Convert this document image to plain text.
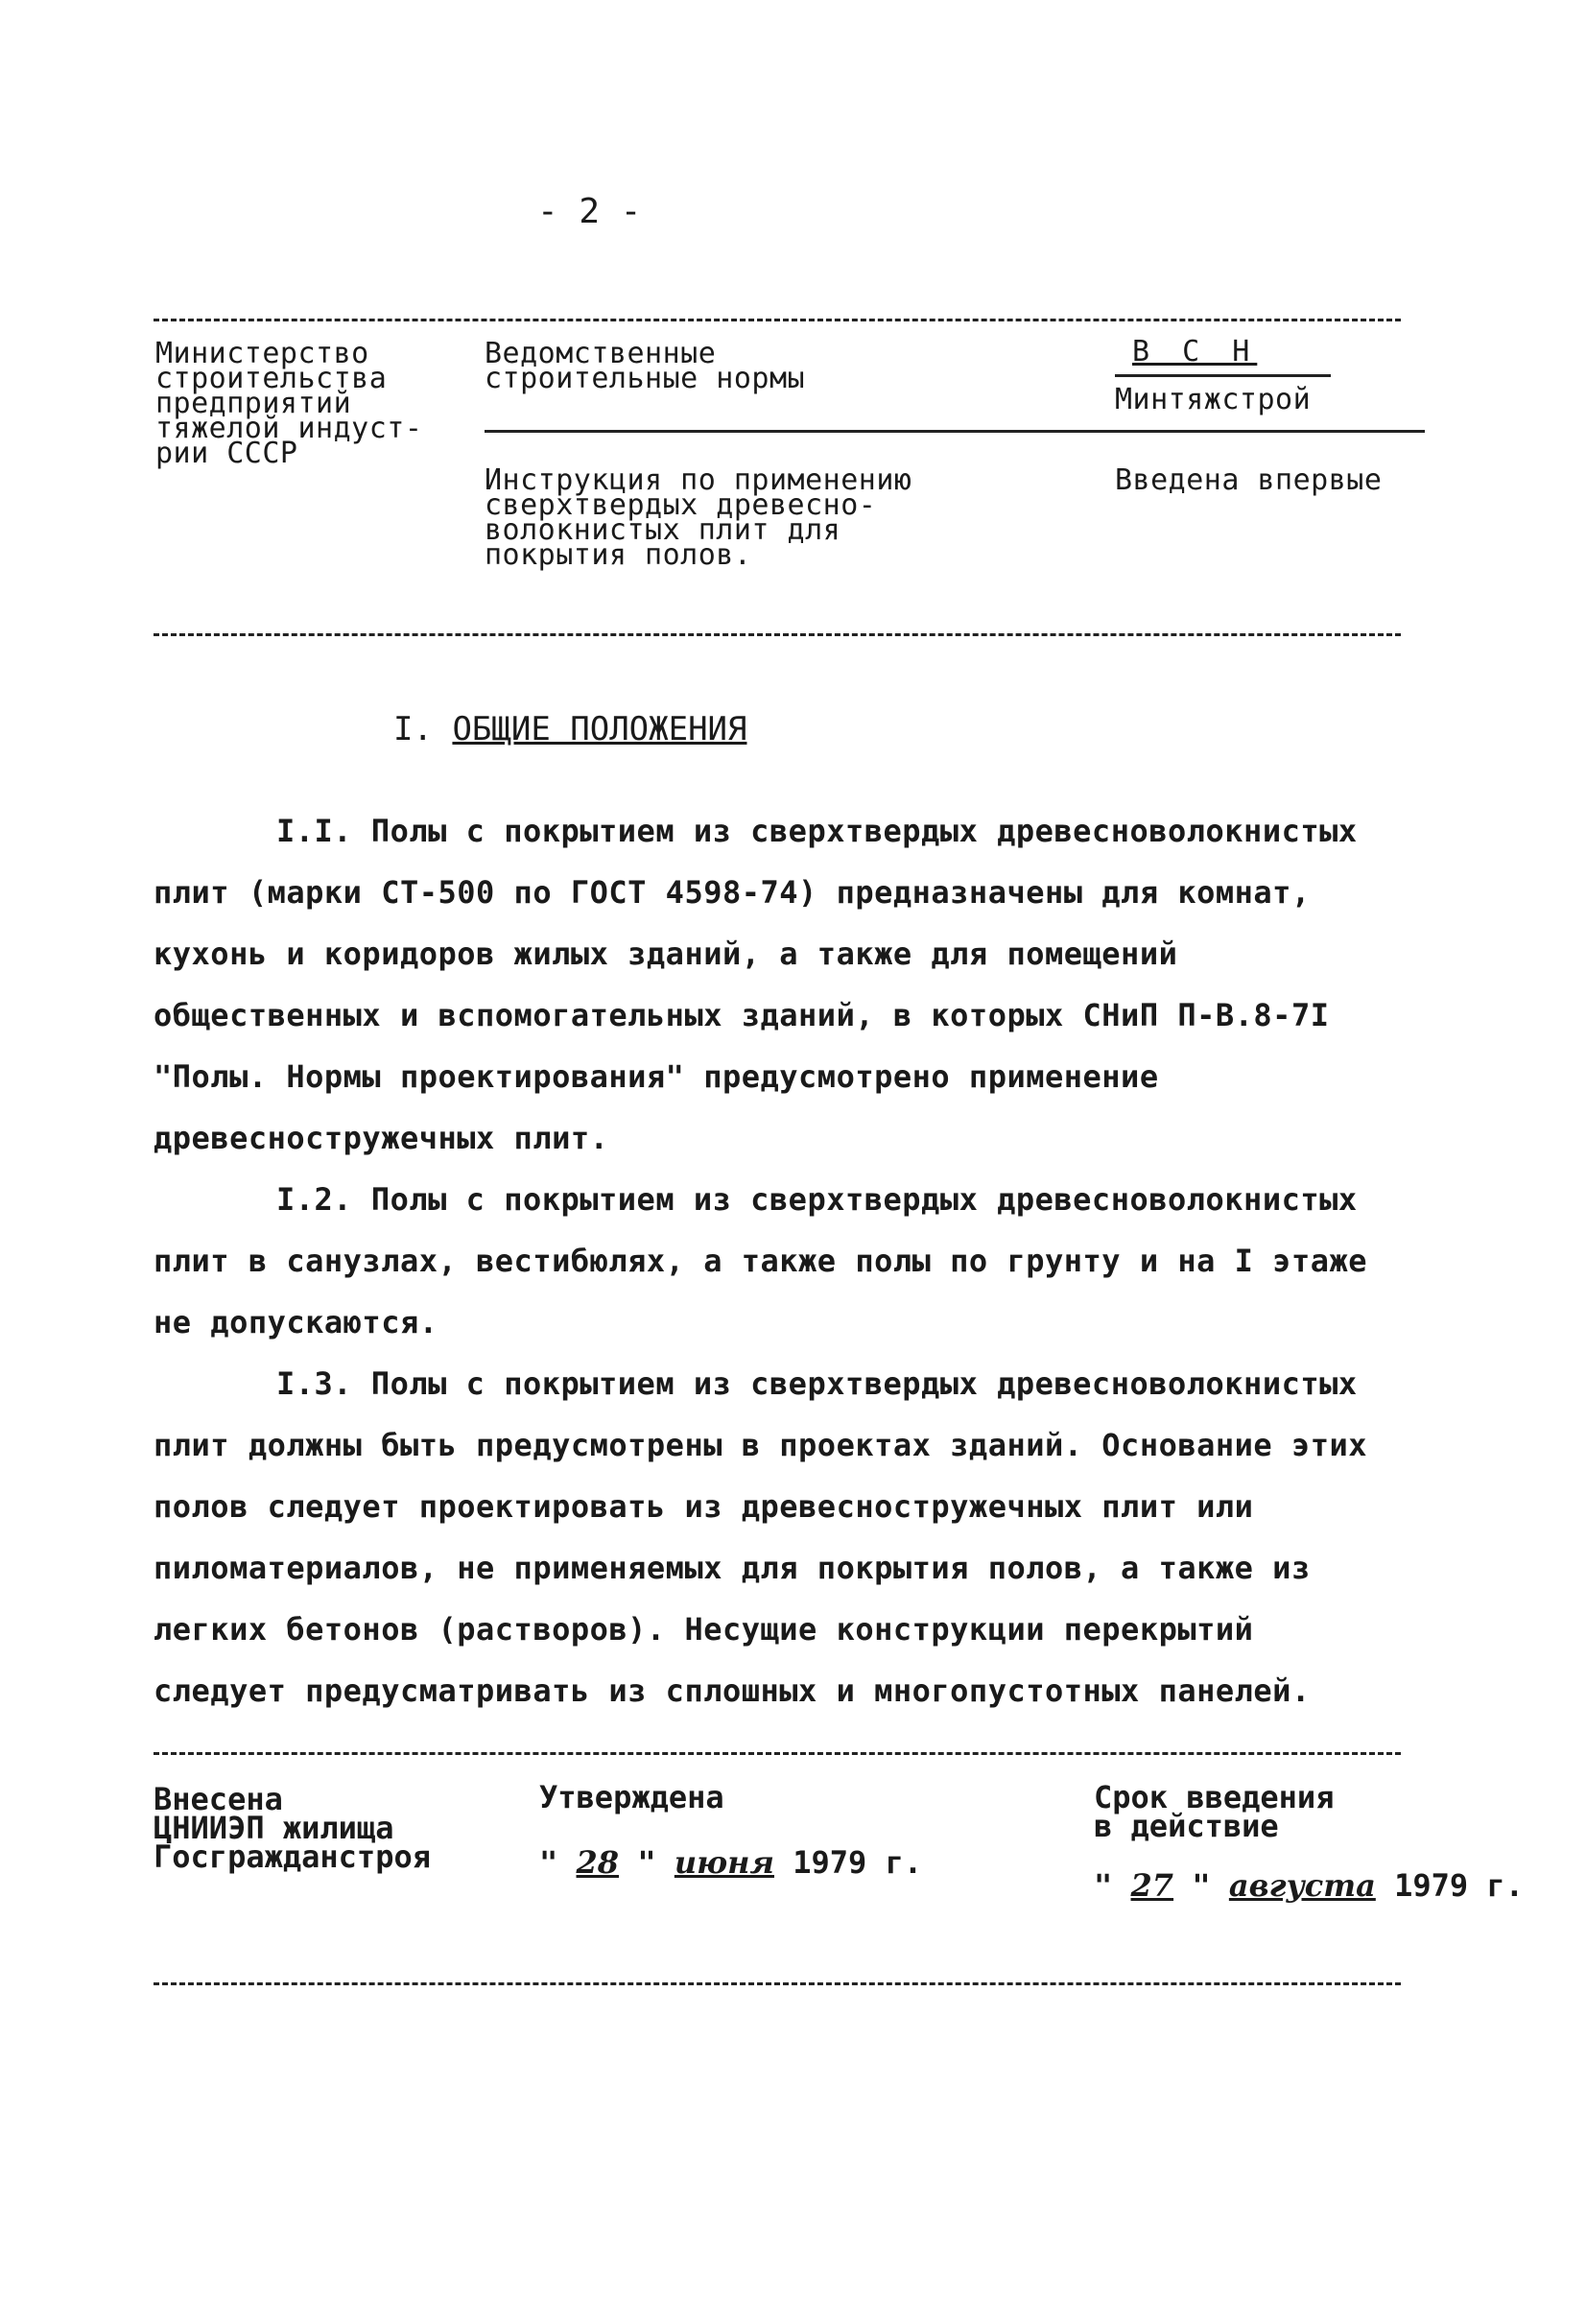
- 2 -
Министерство
строительства
предприятий
тяжелой индуст-
рии СССР
Ведомственные
строительные нормы
В С Н
Минтяжстрой
Инструкция по применению
сверхтвердых древесно-
волокнистых плит для
покрытия полов.
Введена впервые
I. ОБЩИЕ ПОЛОЖЕНИЯ

I.I. Полы с покрытием из сверхтвердых древесноволокнистых плит (марки СТ-500 по ГОСТ 4598-74) предназначены для комнат, кухонь и коридоров жилых зданий, а также для помещений общественных и вспомогательных зданий, в которых СНиП П-В.8-7I "Полы. Нормы проектирования" предусмотрено применение древесностружечных плит.

I.2. Полы с покрытием из сверхтвердых древесноволокнистых плит в санузлах, вестибюлях, а также полы по грунту и на I этаже не допускаются.

I.3. Полы с покрытием из сверхтвердых древесноволокнистых плит должны быть предусмотрены в проектах зданий. Основание этих полов следует проектировать из древесностружечных плит или пиломатериалов, не применяемых для покрытия полов, а также из легких бетонов (растворов). Несущие конструкции перекрытий следует предусматривать из сплошных и многопустотных панелей.

Внесена
ЦНИИЭП жилища
Госгражданстроя
Утверждена
" 28 " июня 1979 г.
Срок введения
в действие
" 27 " августа 1979 г.
